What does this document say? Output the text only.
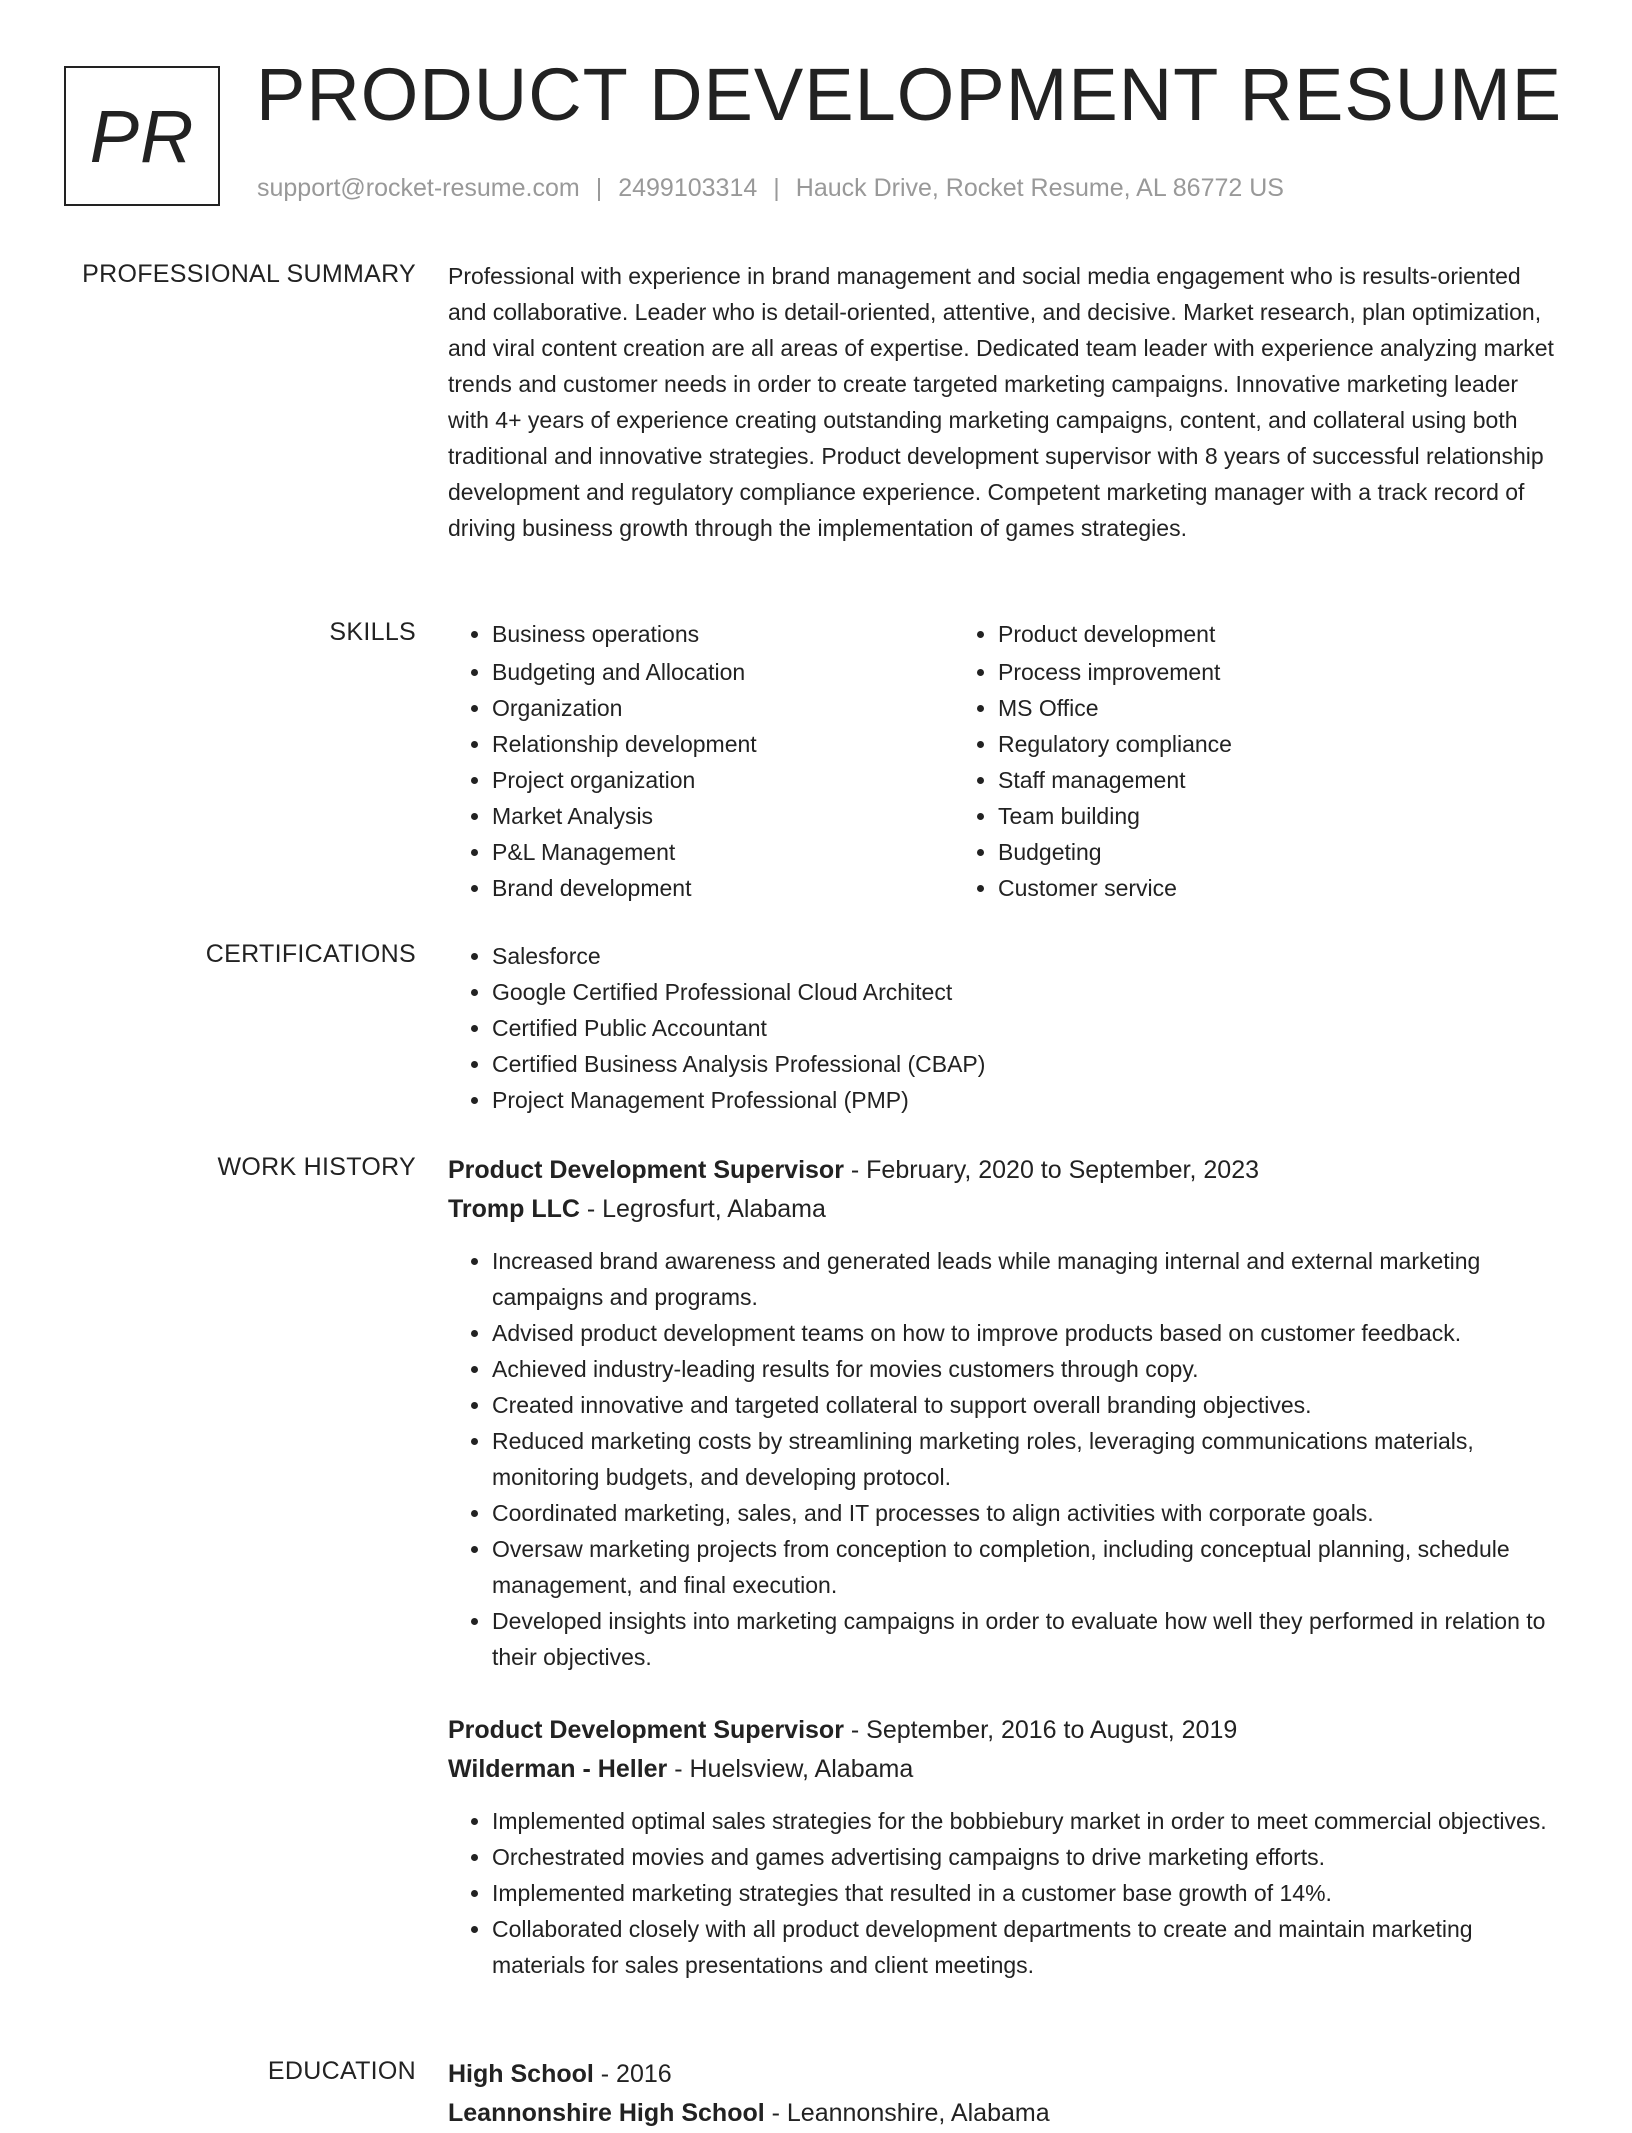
PR PRODUCT DEVELOPMENT RESUME
support@rocket-resume.com | 2499103314 | Hauck Drive, Rocket Resume, AL 86772 US
PROFESSIONAL SUMMARY Professional with experience in brand management and social media engagement who is results-oriented and collaborative. Leader who is detail-oriented, attentive, and decisive. Market research, plan optimization, and viral content creation are all areas of expertise. Dedicated team leader with experience analyzing market trends and customer needs in order to create targeted marketing campaigns. Innovative marketing leader with 4+ years of experience creating outstanding marketing campaigns, content, and collateral using both traditional and innovative strategies. Product development supervisor with 8 years of successful relationship development and regulatory compliance experience. Competent marketing manager with a track record of driving business growth through the implementation of games strategies.

SKILLS	• Business operations
• Budgeting and Allocation
• Organization
• Relationship development
• Project organization
• Market Analysis
• P&L Management
• Brand development
• Product development
• Process improvement
• MS Office
• Regulatory compliance
• Staff management
• Team building
• Budgeting
• Customer service
CERTIFICATIONS	• Salesforce
• Google Certified Professional Cloud Architect
• Certified Public Accountant
• Certified Business Analysis Professional (CBAP)
• Project Management Professional (PMP)
WORK HISTORY Product Development Supervisor - February, 2020 to September, 2023
Tromp LLC - Legrosfurt, Alabama
• Increased brand awareness and generated leads while managing internal and external marketing campaigns and programs.
• Advised product development teams on how to improve products based on customer feedback.
• Achieved industry-leading results for movies customers through copy.
• Created innovative and targeted collateral to support overall branding objectives.
• Reduced marketing costs by streamlining marketing roles, leveraging communications materials, monitoring budgets, and developing protocol.
• Coordinated marketing, sales, and IT processes to align activities with corporate goals.
• Oversaw marketing projects from conception to completion, including conceptual planning, schedule management, and final execution.
• Developed insights into marketing campaigns in order to evaluate how well they performed in relation to their objectives.
Product Development Supervisor - September, 2016 to August, 2019
Wilderman - Heller - Huelsview, Alabama
• Implemented optimal sales strategies for the bobbiebury market in order to meet commercial objectives.
• Orchestrated movies and games advertising campaigns to drive marketing efforts.
• Implemented marketing strategies that resulted in a customer base growth of 14%.
• Collaborated closely with all product development departments to create and maintain marketing materials for sales presentations and client meetings.
EDUCATION High School - 2016
Leannonshire High School - Leannonshire, Alabama
